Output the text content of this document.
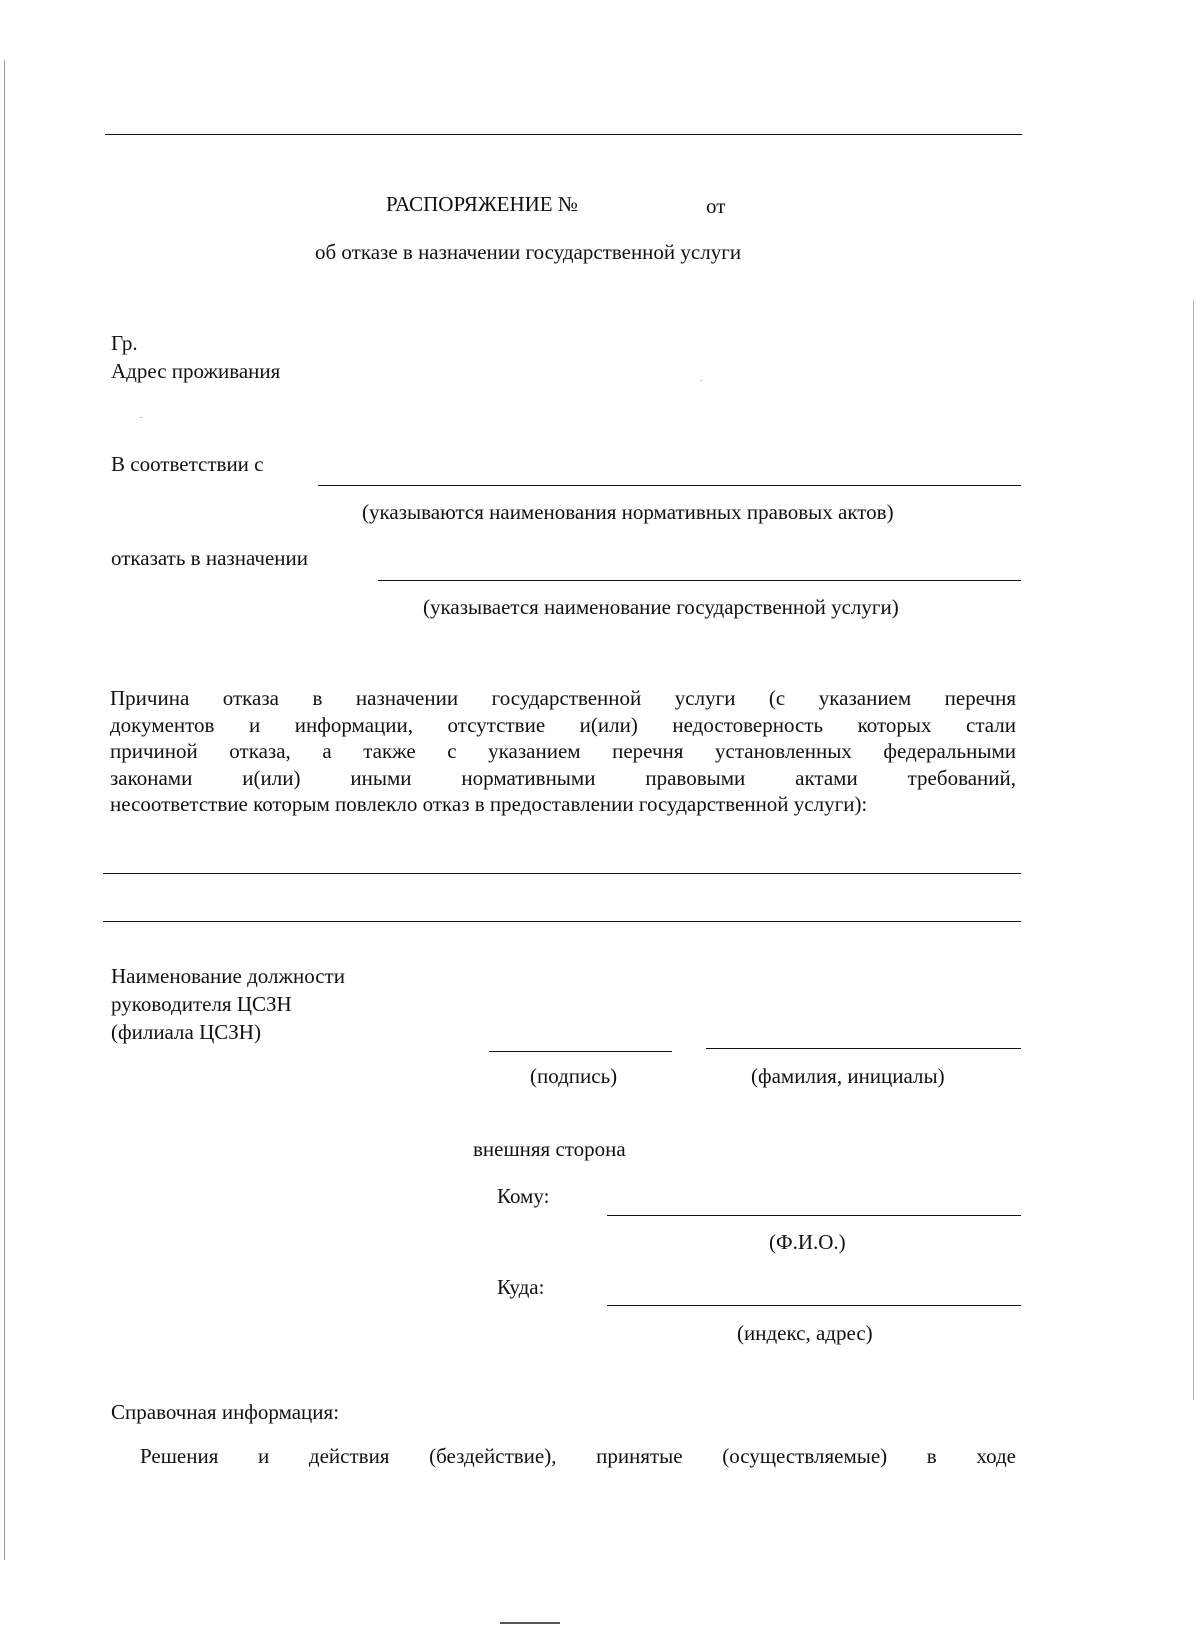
РАСПОРЯЖЕНИЕ №	от
об отказе в назначении государственной услуги
Гр.
Адрес проживания
В соответствии с
(указываются наименования нормативных правовых актов)
отказать в назначении
(указывается наименование государственной услуги)
Причина отказа в назначении государственной услуги (с указанием перечня
документов и информации, отсутствие и(или) недостоверность которых стали
причиной отказа, а также с указанием перечня установленных федеральными
законами и(или) иными нормативными правовыми актами требований,
несоответствие которым повлекло отказ в предоставлении государственной услуги):
Наименование должности
руководителя ЦСЗН
(филиала ЦСЗН)
(подпись)	(фамилия, инициалы)
внешняя сторона
Кому:
(Ф.И.О.)
Куда:
(индекс, адрес)
Справочная информация:
Решения и действия (бездействие), принятые (осуществляемые) в ходе
